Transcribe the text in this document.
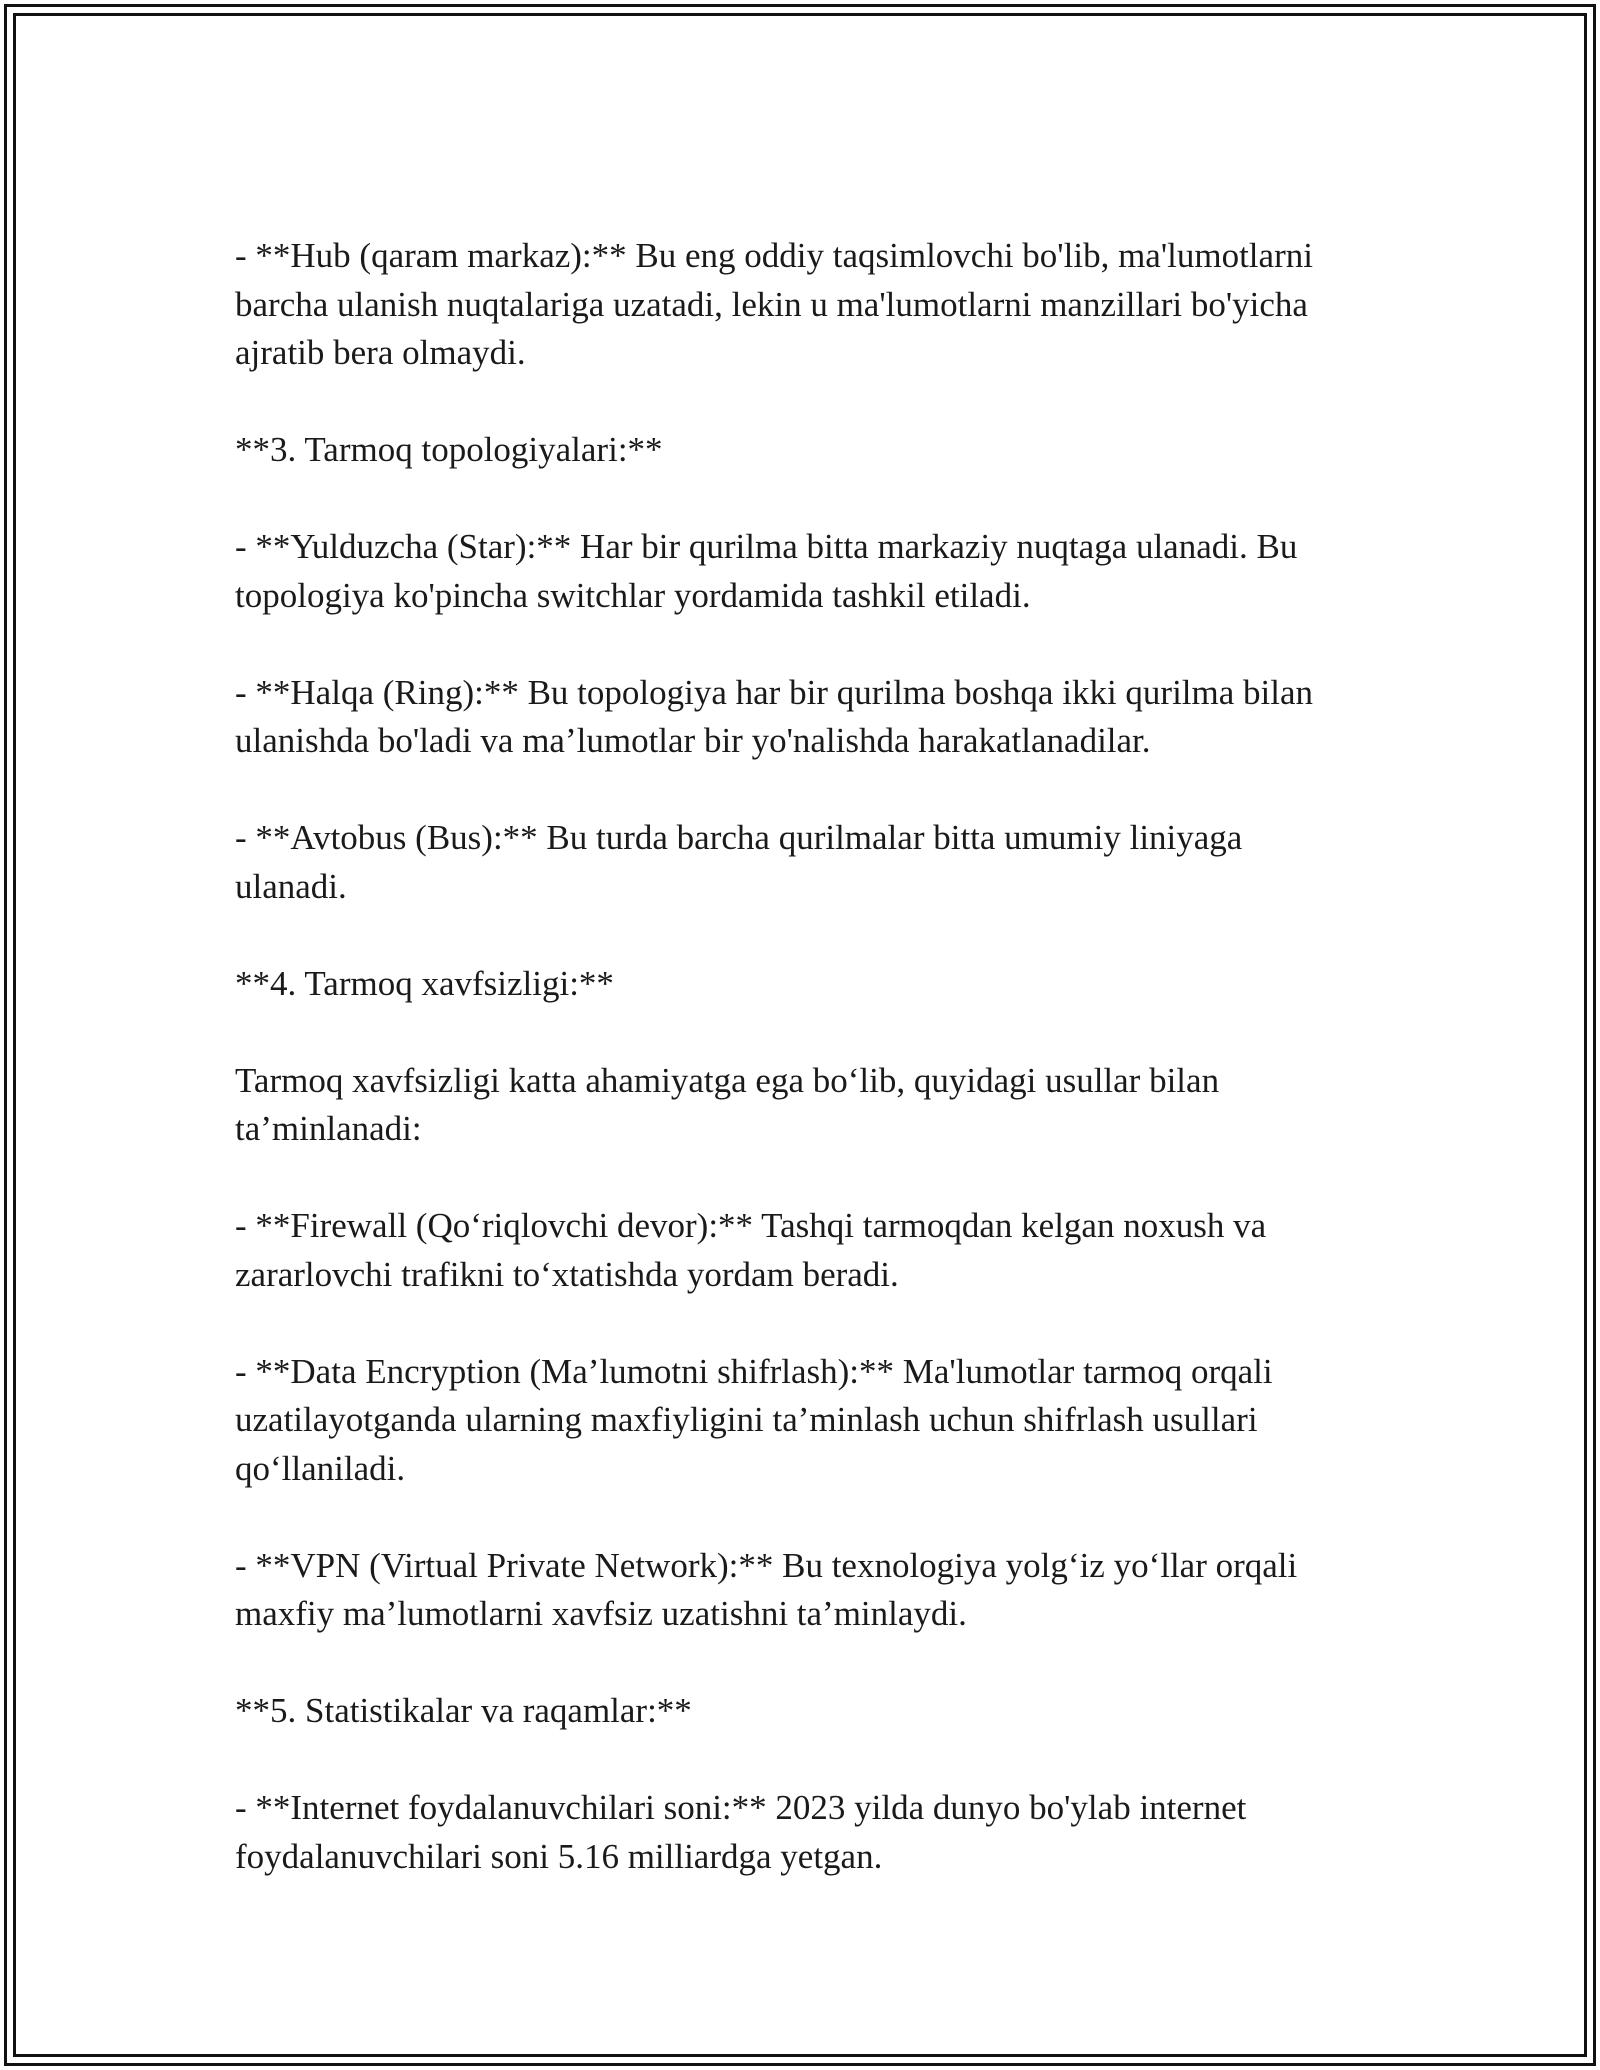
- **Hub (qaram markaz):** Bu eng oddiy taqsimlovchi bo'lib, ma'lumotlarni
barcha ulanish nuqtalariga uzatadi, lekin u ma'lumotlarni manzillari bo'yicha
ajratib bera olmaydi.

**3. Tarmoq topologiyalari:**

- **Yulduzcha (Star):** Har bir qurilma bitta markaziy nuqtaga ulanadi. Bu
topologiya ko'pincha switchlar yordamida tashkil etiladi.

- **Halqa (Ring):** Bu topologiya har bir qurilma boshqa ikki qurilma bilan
ulanishda bo'ladi va ma’lumotlar bir yo'nalishda harakatlanadilar.

- **Avtobus (Bus):** Bu turda barcha qurilmalar bitta umumiy liniyaga
ulanadi.

**4. Tarmoq xavfsizligi:**

Tarmoq xavfsizligi katta ahamiyatga ega bo‘lib, quyidagi usullar bilan
ta’minlanadi:

- **Firewall (Qo‘riqlovchi devor):** Tashqi tarmoqdan kelgan noxush va
zararlovchi trafikni to‘xtatishda yordam beradi.

- **Data Encryption (Ma’lumotni shifrlash):** Ma'lumotlar tarmoq orqali
uzatilayotganda ularning maxfiyligini ta’minlash uchun shifrlash usullari
qo‘llaniladi.

- **VPN (Virtual Private Network):** Bu texnologiya yolg‘iz yo‘llar orqali
maxfiy ma’lumotlarni xavfsiz uzatishni ta’minlaydi.

**5. Statistikalar va raqamlar:**

- **Internet foydalanuvchilari soni:** 2023 yilda dunyo bo'ylab internet
foydalanuvchilari soni 5.16 milliardga yetgan.
